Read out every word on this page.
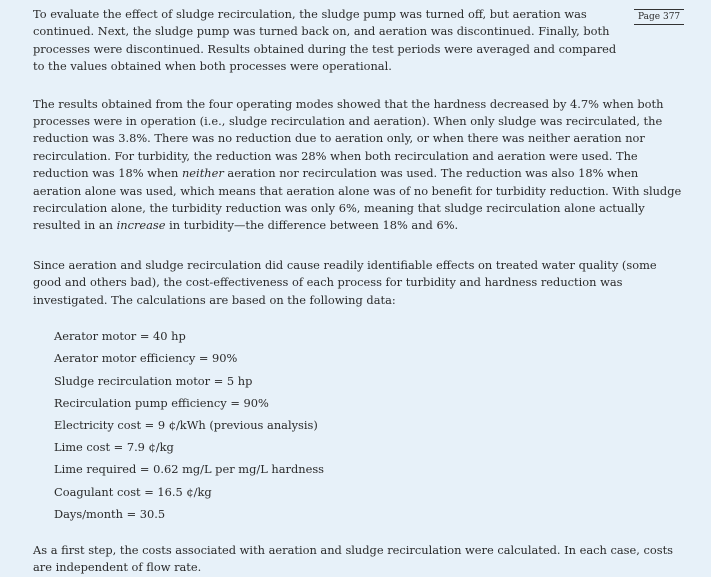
Page 377

To evaluate the effect of sludge recirculation, the sludge pump was turned off, but aeration was continued. Next, the sludge pump was turned back on, and aeration was discontinued. Finally, both processes were discontinued. Results obtained during the test periods were averaged and compared to the values obtained when both processes were operational.

The results obtained from the four operating modes showed that the hardness decreased by 4.7% when both processes were in operation (i.e., sludge recirculation and aeration). When only sludge was recirculated, the reduction was 3.8%. There was no reduction due to aeration only, or when there was neither aeration nor recirculation. For turbidity, the reduction was 28% when both recirculation and aeration were used. The reduction was 18% when neither aeration nor recirculation was used. The reduction was also 18% when aeration alone was used, which means that aeration alone was of no benefit for turbidity reduction. With sludge recirculation alone, the turbidity reduction was only 6%, meaning that sludge recirculation alone actually resulted in an increase in turbidity—the difference between 18% and 6%.

Since aeration and sludge recirculation did cause readily identifiable effects on treated water quality (some good and others bad), the cost-effectiveness of each process for turbidity and hardness reduction was investigated. The calculations are based on the following data:

Aerator motor = 40 hp
Aerator motor efficiency = 90%
Sludge recirculation motor = 5 hp
Recirculation pump efficiency = 90%
Electricity cost = 9 ¢/kWh (previous analysis)
Lime cost = 7.9 ¢/kg
Lime required = 0.62 mg/L per mg/L hardness
Coagulant cost = 16.5 ¢/kg
Days/month = 30.5

As a first step, the costs associated with aeration and sludge recirculation were calculated. In each case, costs are independent of flow rate.
